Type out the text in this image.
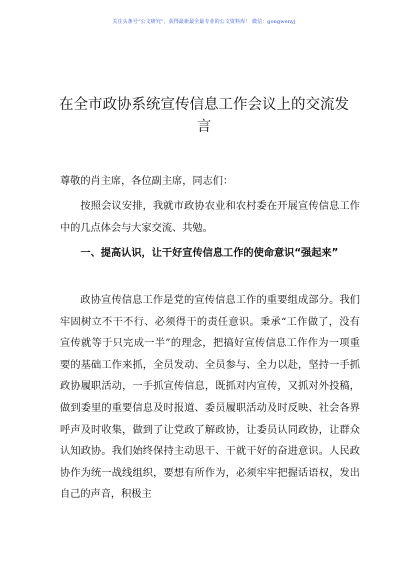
关注头条号“公文研究”，获得最新最全最专业的公文资料库！ 微信：gongwenyj
在全市政协系统宣传信息工作会议上的交流发言
尊敬的肖主席，各位副主席，同志们：

按照会议安排，我就市政协农业和农村委在开展宣传信息工作中的几点体会与大家交流、共勉。

一、提高认识，让干好宣传信息工作的使命意识“强起来”

政协宣传信息工作是党的宣传信息工作的重要组成部分。我们牢固树立不干不行、必须得干的责任意识。秉承“工作做了，没有宣传就等于只完成一半”的理念，把搞好宣传信息工作作为一项重要的基础工作来抓，全员发动、全员参与、全力以赴，坚持一手抓政协履职活动，一手抓宣传信息，既抓对内宣传，又抓对外投稿，做到委里的重要信息及时报道、委员履职活动及时反映、社会各界呼声及时收集，做到了让党政了解政协，让委员认同政协，让群众认知政协。我们始终保持主动思干、干就干好的奋进意识。人民政协作为统一战线组织，要想有所作为，必须牢牢把握话语权，发出自己的声音，积极主
